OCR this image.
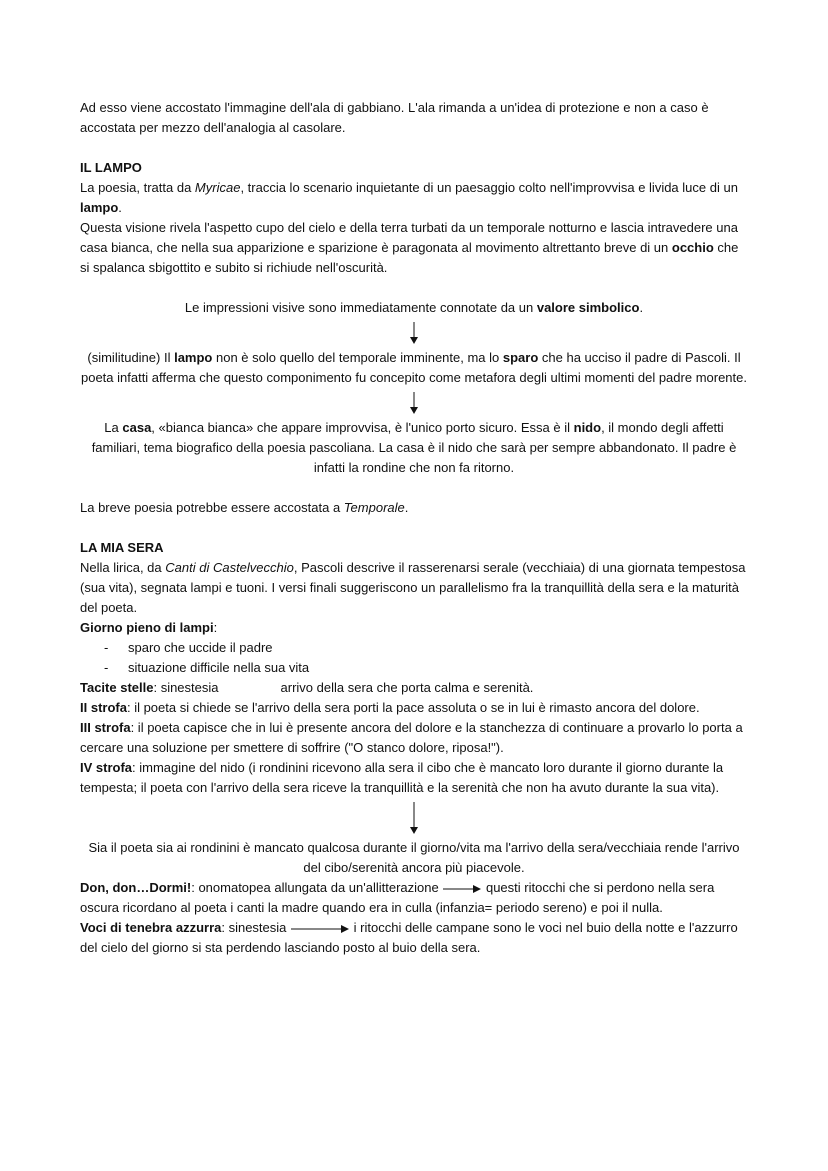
Ad esso viene accostato l'immagine dell'ala di gabbiano. L'ala rimanda a un'idea di protezione e non a caso è accostata per mezzo dell'analogia al casolare.

IL LAMPO

La poesia, tratta da Myricae, traccia lo scenario inquietante di un paesaggio colto nell'improvvisa e livida luce di un lampo.

Questa visione rivela l'aspetto cupo del cielo e della terra turbati da un temporale notturno e lascia intravedere una casa bianca, che nella sua apparizione e sparizione è paragonata al movimento altrettanto breve di un occhio che si spalanca sbigottito e subito si richiude nell'oscurità.

Le impressioni visive sono immediatamente connotate da un valore simbolico.

(similitudine) Il lampo non è solo quello del temporale imminente, ma lo sparo che ha ucciso il padre di Pascoli. Il poeta infatti afferma che questo componimento fu concepito come metafora degli ultimi momenti del padre morente.

La casa, «bianca bianca» che appare improvvisa, è l'unico porto sicuro. Essa è il nido, il mondo degli affetti familiari, tema biografico della poesia pascoliana. La casa è il nido che sarà per sempre abbandonato. Il padre è infatti la rondine che non fa ritorno.

La breve poesia potrebbe essere accostata a Temporale.

LA MIA SERA

Nella lirica, da Canti di Castelvecchio, Pascoli descrive il rasserenarsi serale (vecchiaia) di una giornata tempestosa (sua vita), segnata lampi e tuoni. I versi finali suggeriscono un parallelismo fra la tranquillità della sera e la maturità del poeta.

Giorno pieno di lampi:

- sparo che uccide il padre
- situazione difficile nella sua vita

Tacite stelle: sinestesia	arrivo della sera che porta calma e serenità.

II strofa: il poeta si chiede se l'arrivo della sera porti la pace assoluta o se in lui è rimasto ancora del dolore.

III strofa: il poeta capisce che in lui è presente ancora del dolore e la stanchezza di continuare a provarlo lo porta a cercare una soluzione per smettere di soffrire ("O stanco dolore, riposa!").

IV strofa: immagine del nido (i rondinini ricevono alla sera il cibo che è mancato loro durante il giorno durante la tempesta; il poeta con l'arrivo della sera riceve la tranquillità e la serenità che non ha avuto durante la sua vita).

Sia il poeta sia ai rondinini è mancato qualcosa durante il giorno/vita ma l'arrivo della sera/vecchiaia rende l'arrivo del cibo/serenità ancora più piacevole.

Don, don…Dormi!: onomatopea allungata da un'allitterazione	questi ritocchi che si perdono nella sera oscura ricordano al poeta i canti la madre quando era in culla (infanzia= periodo sereno) e poi il nulla.

Voci di tenebra azzurra: sinestesia	i ritocchi delle campane sono le voci nel buio della notte e l'azzurro del cielo del giorno si sta perdendo lasciando posto al buio della sera.
